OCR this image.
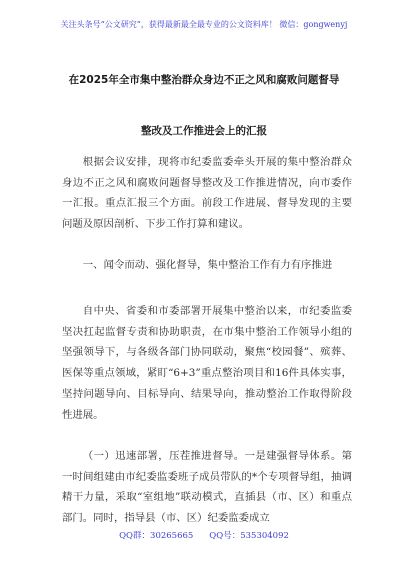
关注头条号“公文研究”，获得最新最全最专业的公文资料库！ 微信：gongwenyj
在2025年全市集中整治群众身边不正之风和腐败问题督导
整改及工作推进会上的汇报

根据会议安排，现将市纪委监委牵头开展的集中整治群众身边不正之风和腐败问题督导整改及工作推进情况，向市委作一汇报。重点汇报三个方面。前段工作进展、督导发现的主要问题及原因剖析、下步工作打算和建议。

一、闻令而动、强化督导，集中整治工作有力有序推进

自中央、省委和市委部署开展集中整治以来，市纪委监委坚决扛起监督专责和协助职责，在市集中整治工作领导小组的坚强领导下，与各级各部门协同联动，聚焦“校园餐”、殡葬、医保等重点领域，紧盯“6+3”重点整治项目和16件具体实事，坚持问题导向、目标导向、结果导向，推动整治工作取得阶段性进展。

（一）迅速部署，压茬推进督导。一是建强督导体系。第一时间组建由市纪委监委班子成员带队的*个专项督导组，抽调精干力量，采取“室组地”联动模式，直插县（市、区）和重点部门。同时，指导县（市、区）纪委监委成立

QQ群：30265665 QQ号：535304092
